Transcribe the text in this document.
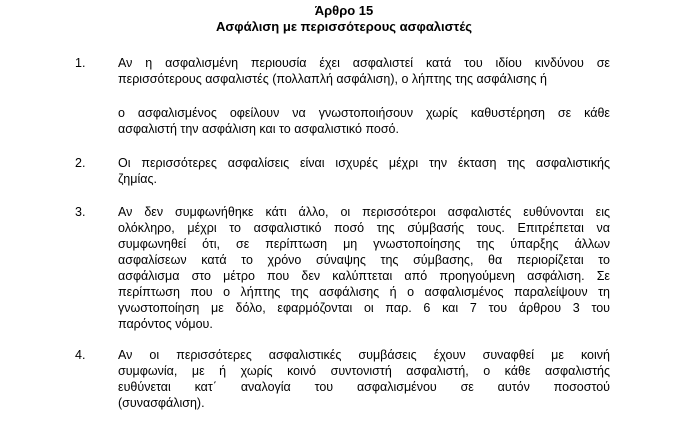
Άρθρο 15
Ασφάλιση με περισσότερους ασφαλιστές
1.	Αν η ασφαλισμένη περιουσία έχει ασφαλιστεί κατά του ιδίου κινδύνου σε
περισσότερους ασφαλιστές (πολλαπλή ασφάλιση), ο λήπτης της ασφάλισης ή
ο ασφαλισμένος οφείλουν να γνωστοποιήσουν χωρίς καθυστέρηση σε κάθε
ασφαλιστή την ασφάλιση και το ασφαλιστικό ποσό.
2.	Οι περισσότερες ασφαλίσεις είναι ισχυρές μέχρι την έκταση της ασφαλιστικής
ζημίας.
3.	Αν δεν συμφωνήθηκε κάτι άλλο, οι περισσότεροι ασφαλιστές ευθύνονται εις
ολόκληρο, μέχρι το ασφαλιστικό ποσό της σύμβασής τους. Επιτρέπεται να
συμφωνηθεί ότι, σε περίπτωση μη γνωστοποίησης της ύπαρξης άλλων
ασφαλίσεων κατά το χρόνο σύναψης της σύμβασης, θα περιορίζεται το
ασφάλισμα στο μέτρο που δεν καλύπτεται από προηγούμενη ασφάλιση. Σε
περίπτωση που ο λήπτης της ασφάλισης ή ο ασφαλισμένος παραλείψουν τη
γνωστοποίηση με δόλο, εφαρμόζονται οι παρ. 6 και 7 του άρθρου 3 του
παρόντος νόμου.
4.	Αν οι περισσότερες ασφαλιστικές συμβάσεις έχουν συναφθεί με κοινή
συμφωνία, με ή χωρίς κοινό συντονιστή ασφαλιστή, ο κάθε ασφαλιστής
ευθύνεται κατ΄ αναλογία του ασφαλισμένου σε αυτόν ποσοστού
(συνασφάλιση).
